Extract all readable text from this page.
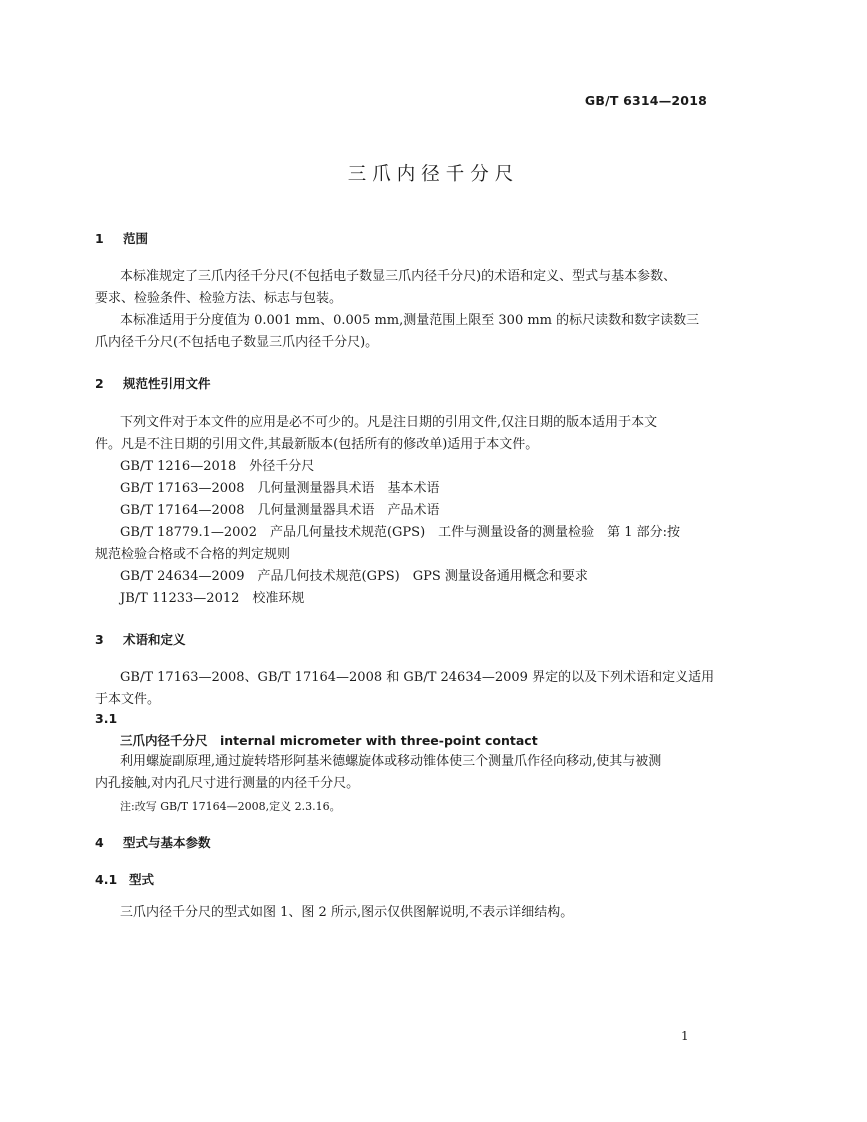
GB/T 6314—2018
三爪内径千分尺
1 范围
本标准规定了三爪内径千分尺(不包括电子数显三爪内径千分尺)的术语和定义、型式与基本参数、
要求、检验条件、检验方法、标志与包装。
本标准适用于分度值为 0.001 mm、0.005 mm,测量范围上限至 300 mm 的标尺读数和数字读数三
爪内径千分尺(不包括电子数显三爪内径千分尺)。
2 规范性引用文件
下列文件对于本文件的应用是必不可少的。凡是注日期的引用文件,仅注日期的版本适用于本文
件。凡是不注日期的引用文件,其最新版本(包括所有的修改单)适用于本文件。
GB/T 1216—2018　外径千分尺
GB/T 17163—2008　几何量测量器具术语　基本术语
GB/T 17164—2008　几何量测量器具术语　产品术语
GB/T 18779.1—2002　产品几何量技术规范(GPS)　工件与测量设备的测量检验　第 1 部分:按
规范检验合格或不合格的判定规则
GB/T 24634—2009　产品几何技术规范(GPS)　GPS 测量设备通用概念和要求
JB/T 11233—2012　校准环规
3 术语和定义
GB/T 17163—2008、GB/T 17164—2008 和 GB/T 24634—2009 界定的以及下列术语和定义适用
于本文件。
3.1
三爪内径千分尺　internal micrometer with three-point contact
利用螺旋副原理,通过旋转塔形阿基米德螺旋体或移动锥体使三个测量爪作径向移动,使其与被测
内孔接触,对内孔尺寸进行测量的内径千分尺。
注:改写 GB/T 17164—2008,定义 2.3.16。
4 型式与基本参数
4.1 型式
三爪内径千分尺的型式如图 1、图 2 所示,图示仅供图解说明,不表示详细结构。
1
